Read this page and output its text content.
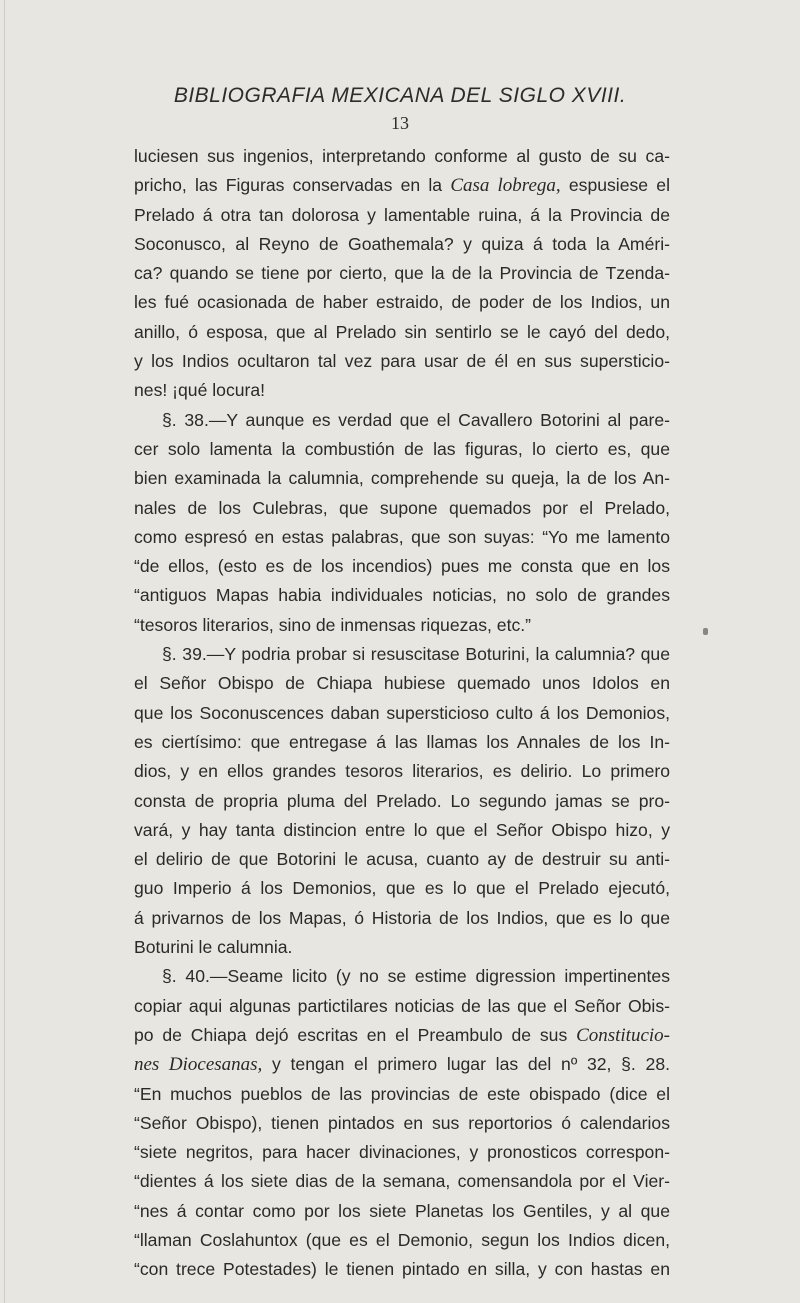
BIBLIOGRAFIA MEXICANA DEL SIGLO XVIII.
13
luciesen sus ingenios, interpretando conforme al gusto de su ca-
pricho, las Figuras conservadas en la Casa lobrega, espusiese el
Prelado á otra tan dolorosa y lamentable ruina, á la Provincia de
Soconusco, al Reyno de Goathemala? y quiza á toda la Améri-
ca? quando se tiene por cierto, que la de la Provincia de Tzenda-
les fué ocasionada de haber estraido, de poder de los Indios, un
anillo, ó esposa, que al Prelado sin sentirlo se le cayó del dedo,
y los Indios ocultaron tal vez para usar de él en sus supersticio-
nes! ¡qué locura!
§. 38.—Y aunque es verdad que el Cavallero Botorini al pare-
cer solo lamenta la combustión de las figuras, lo cierto es, que
bien examinada la calumnia, comprehende su queja, la de los An-
nales de los Culebras, que supone quemados por el Prelado,
como espresó en estas palabras, que son suyas: “Yo me lamento
“de ellos, (esto es de los incendios) pues me consta que en los
“antiguos Mapas habia individuales noticias, no solo de grandes
“tesoros literarios, sino de inmensas riquezas, etc.”
§. 39.—Y podria probar si resuscitase Boturini, la calumnia? que
el Señor Obispo de Chiapa hubiese quemado unos Idolos en
que los Soconuscences daban supersticioso culto á los Demonios,
es ciertísimo: que entregase á las llamas los Annales de los In-
dios, y en ellos grandes tesoros literarios, es delirio. Lo primero
consta de propria pluma del Prelado. Lo segundo jamas se pro-
vará, y hay tanta distincion entre lo que el Señor Obispo hizo, y
el delirio de que Botorini le acusa, cuanto ay de destruir su anti-
guo Imperio á los Demonios, que es lo que el Prelado ejecutó,
á privarnos de los Mapas, ó Historia de los Indios, que es lo que
Boturini le calumnia.
§. 40.—Seame licito (y no se estime digression impertinentes
copiar aqui algunas partictilares noticias de las que el Señor Obis-
po de Chiapa dejó escritas en el Preambulo de sus Constitucio-
nes Diocesanas, y tengan el primero lugar las del nº 32, §. 28.
“En muchos pueblos de las provincias de este obispado (dice el
“Señor Obispo), tienen pintados en sus reportorios ó calendarios
“siete negritos, para hacer divinaciones, y pronosticos correspon-
“dientes á los siete dias de la semana, comensandola por el Vier-
“nes á contar como por los siete Planetas los Gentiles, y al que
“llaman Coslahuntox (que es el Demonio, segun los Indios dicen,
“con trece Potestades) le tienen pintado en silla, y con hastas en
